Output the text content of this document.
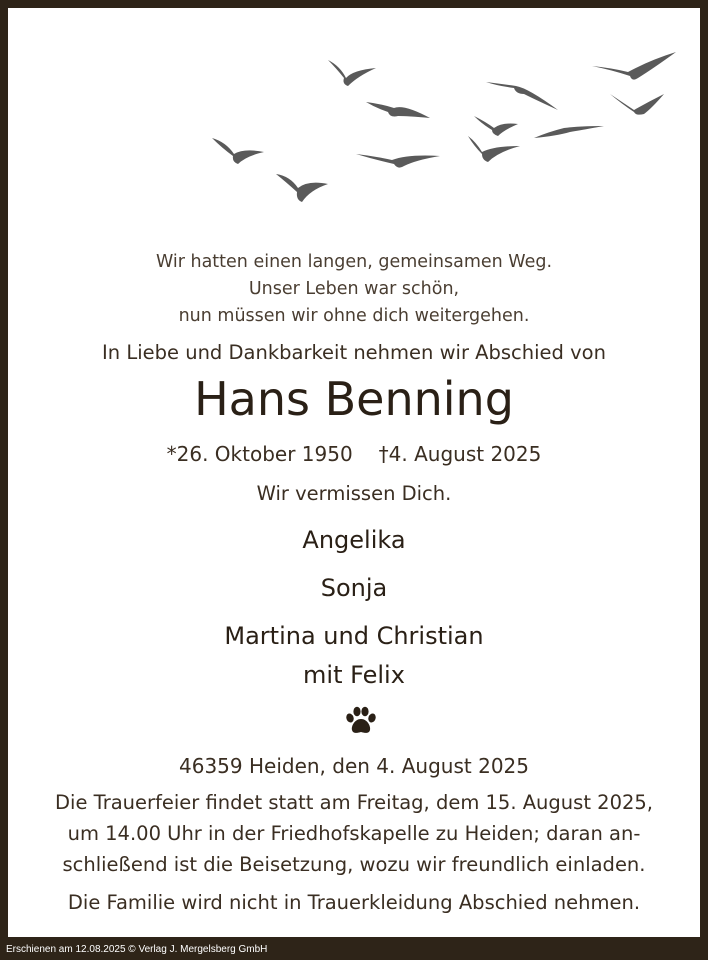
Wir hatten einen langen, gemeinsamen Weg.
Unser Leben war schön,
nun müssen wir ohne dich weitergehen.
In Liebe und Dankbarkeit nehmen wir Abschied von
Hans Benning
*26. Oktober 1950 †4. August 2025
Wir vermissen Dich.
Angelika
Sonja
Martina und Christian
mit Felix
46359 Heiden, den 4. August 2025
Die Trauerfeier findet statt am Freitag, dem 15. August 2025,
um 14.00 Uhr in der Friedhofskapelle zu Heiden; daran an-
schließend ist die Beisetzung, wozu wir freundlich einladen.
Die Familie wird nicht in Trauerkleidung Abschied nehmen.
Erschienen am 12.08.2025 © Verlag J. Mergelsberg GmbH
